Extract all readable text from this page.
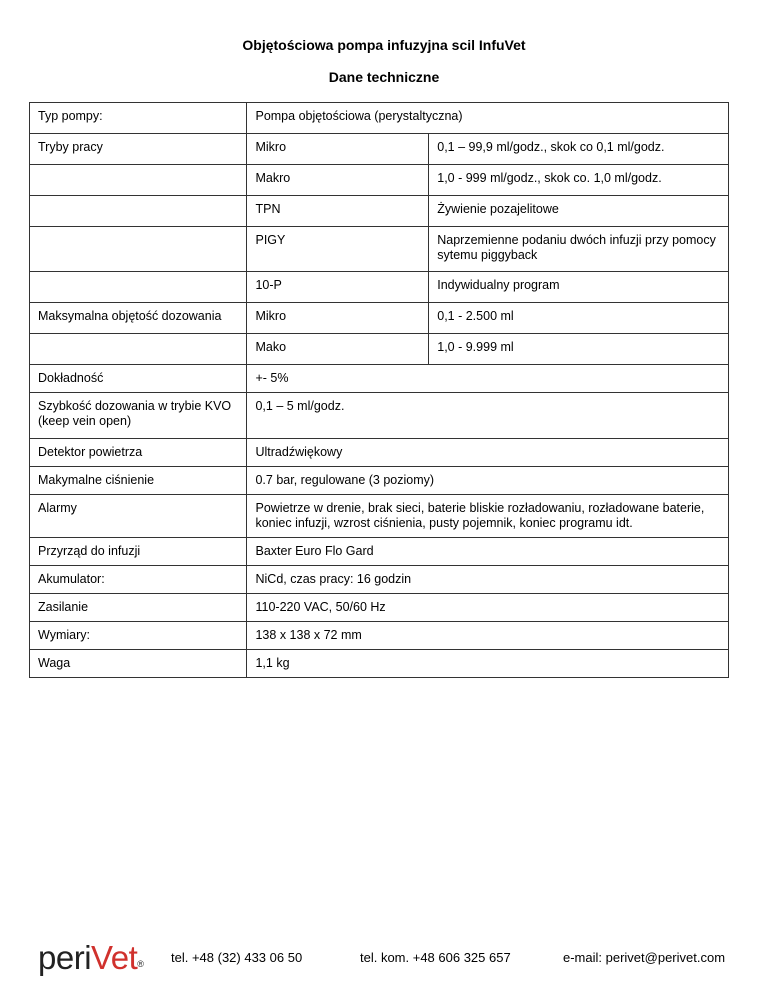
Objętościowa pompa infuzyjna scil InfuVet
Dane techniczne
Typ pompy:	Pompa objętościowa (perystaltyczna)	
Tryby pracy	Mikro	0,1 – 99,9 ml/godz., skok co 0,1 ml/godz.
	Makro	1,0 - 999 ml/godz., skok co. 1,0 ml/godz.
	TPN	Żywienie pozajelitowe
	PIGY	Naprzemienne podaniu dwóch infuzji przy pomocy sytemu piggyback
	10-P	Indywidualny program
Maksymalna objętość dozowania	Mikro	0,1 - 2.500 ml
	Mako	1,0 - 9.999 ml
Dokładność	+- 5%	
Szybkość dozowania w trybie KVO (keep vein open)	0,1 – 5 ml/godz.	
Detektor powietrza	Ultradźwiękowy	
Makymalne ciśnienie	0.7 bar, regulowane (3 poziomy)	
Alarmy	Powietrze w drenie, brak sieci, baterie bliskie rozładowaniu, rozładowane baterie, koniec infuzji, wzrost ciśnienia, pusty pojemnik, koniec programu idt.	
Przyrząd do infuzji	Baxter Euro Flo Gard	
Akumulator:	NiCd, czas pracy: 16 godzin	
Zasilanie	110-220 VAC, 50/60 Hz	
Wymiary:	138 x 138 x 72 mm	
Waga	1,1 kg	
periVet® tel. +48 (32) 433 06 50	tel. kom. +48 606 325 657	e-mail: perivet@perivet.com
